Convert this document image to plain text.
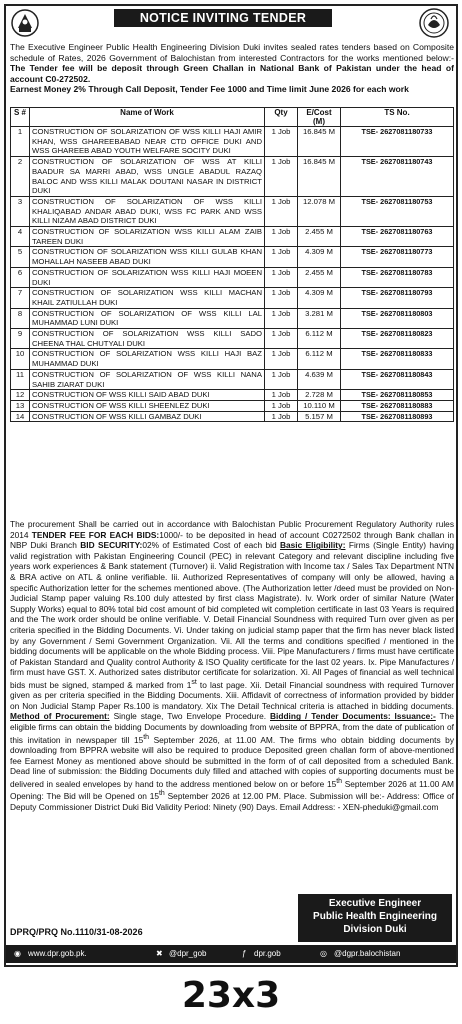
NOTICE INVITING TENDER
The Executive Engineer Public Health Engineering Division Duki invites sealed rates tenders based on Composite schedule of Rates, 2026 Government of Balochistan from interested Contractors for the works mentioned below:-The Tender fee will be deposit through Green Challan in National Bank of Pakistan under the head of account C0-272502.
Earnest Money 2% Through Call Deposit, Tender Fee 1000 and Time limit June 2026 for each work
S #	Name of Work	Qty	E/Cost (M)	TS No.
1	CONSTRUCTION OF SOLARIZATION OF WSS KILLI HAJI AMIR KHAN, WSS GHAREEBABAD NEAR CTD OFFICE DUKI AND WSS GHAREEB ABAD YOUTH WELFARE SOCITY DUKI	1 Job	16.845 M	TSE- 2627081180733
2	CONSTRUCTION OF SOLARIZATION OF WSS AT KILLI BAADUR SA MARRI ABAD, WSS UNGLE ABADUL RAZAQ BALOC AND WSS KILLI MALAK DOUTANI NASAR IN DISTRICT DUKI	1 Job	16.845 M	TSE- 2627081180743
3	CONSTRUCTION OF SOLARIZATION OF WSS KILLI KHALIQABAD ANDAR ABAD DUKI, WSS FC PARK AND WSS KILLI NIZAM ABAD DISTRICT DUKI	1 Job	12.078 M	TSE- 2627081180753
4	CONSTRUCTION OF SOLARIZATION WSS KILLI ALAM ZAIB TAREEN DUKI	1 Job	2.455 M	TSE- 2627081180763
5	CONSTRUCTION OF SOLARIZATION WSS KILLI GULAB KHAN MOHALLAH NASEEB ABAD DUKI	1 Job	4.309 M	TSE- 2627081180773
6	CONSTRUCTION OF SOLARIZATION WSS KILLI HAJI MOEEN DUKI	1 Job	2.455 M	TSE- 2627081180783
7	CONSTRUCTION OF SOLARIZATION WSS KILLI MACHAN KHAIL ZATIULLAH DUKI	1 Job	4.309 M	TSE- 2627081180793
8	CONSTRUCTION OF SOLARIZATION OF WSS KILLI LAL MUHAMMAD LUNI DUKI	1 Job	3.281 M	TSE- 2627081180803
9	CONSTRUCTION OF SOLARIZATION WSS KILLI SADO CHEENA THAL CHUTYALI DUKI	1 Job	6.112 M	TSE- 2627081180823
10	CONSTRUCTION OF SOLARIZATION WSS KILLI HAJI BAZ MUHAMMAD DUKI	1 Job	6.112 M	TSE- 2627081180833
11	CONSTRUCTION OF SOLARIZATION OF WSS KILLI NANA SAHIB ZIARAT DUKI	1 Job	4.639 M	TSE- 2627081180843
12	CONSTRUCTION OF WSS KILLI SAID ABAD DUKI	1 Job	2.728 M	TSE- 2627081180853
13	CONSTRUCTION OF WSS KILLI SHEENLEZ DUKI	1 Job	10.110 M	TSE- 2627081180883
14	CONSTRUCTION OF WSS KILLI GAMBAZ DUKI	1 Job	5.157 M	TSE- 2627081180893
The procurement Shall be carried out in accordance with Balochistan Public Procurement Regulatory Authority rules 2014 TENDER FEE FOR EACH BIDS:1000/- to be deposited in head of account C0272502 through Bank challan in NBP Duki Branch BID SECURITY:02% of Estimated Cost of each bid Basic Eligibility: Firms (Single Entity) having valid registration with Pakistan Engineering Council (PEC) in relevant Category and relevant discipline including five years work experiences & Bank statement (Turnover) ii. Valid Registration with Income tax / Sales Tax Department NTN & BRA active on ATL & online verifiable. Iii. Authorized Representatives of company will only be allowed, having a specific Authorization letter for the schemes mentioned above. (The Authorization letter /deed must be provided on Non-Judicial Stamp paper valuing Rs.100 duly attested by first class Magistrate). Iv. Work order of similar Nature (Water Supply Works) equal to 80% total bid cost amount of bid completed wit completion certificate in last 03 Years is required and the The work order should be online verifiable. V. Detail Financial Soundness with required Turn over given as per criteria specified in the Bidding Documents. Vi. Under taking on judicial stamp paper that the firm has never black listed by any Government / Semi Government Organization. Vii. All the terms and conditions specified / mentioned in the bidding documents will be applicable on the whole Bidding process. Viii. Pipe Manufacturers / firms must have certificate of Pakistan Standard and Quality control Authority & ISO Quality certificate for the last 02 years. Ix. Pipe Manufactures / firm must have GST. X. Authorized sates distributor certificate for solarization. Xi. All Pages of financial as well technical bids must be signed, stamped & marked from 1st to last page. Xii. Detail Financial soundness with required Turnover given as per criteria specified in the Bidding Documents. Xiii. Affidavit of correctness of information provided by bidder on Non Judicial Stamp Paper Rs.100 is mandatory. Xix The Detail Technical criteria is attached in bidding documents. Method of Procurement: Single stage, Two Envelope Procedure. Bidding / Tender Documents: Issuance:- The eligible firms can obtain the bidding Documents by downloading from website of BPPRA, from the date of publication of this invitation in newspaper till 15th September 2026, at 11.00 AM. The firms who obtain bidding documents by downloading from BPPRA website will also be required to produce Deposited green challan form of above-mentioned fee Earnest Money as mentioned above should be submitted in the form of of call deposited from a scheduled Bank. Dead line of submission: the Bidding Documents duly filled and attached with copies of supporting documents must be delivered in sealed envelopes by hand to the address mentioned below on or before 15th September 2026 at 11.00 AM Opening: The Bid will be Opened on 15th September 2026 at 12.00 PM. Place. Submission will be:- Address: Office of Deputy Commissioner District Duki Bid Validity Period: Ninety (90) Days. Email Address: - XEN-pheduki@gmail.com
Executive Engineer
Public Health Engineering
Division Duki
DPRQ/PRQ No.1110/31-08-2026
◉ www.dpr.gob.pk.	✖ @dpr_gob	ƒ dpr.gob	◎ @dgpr.balochistan
23x3
